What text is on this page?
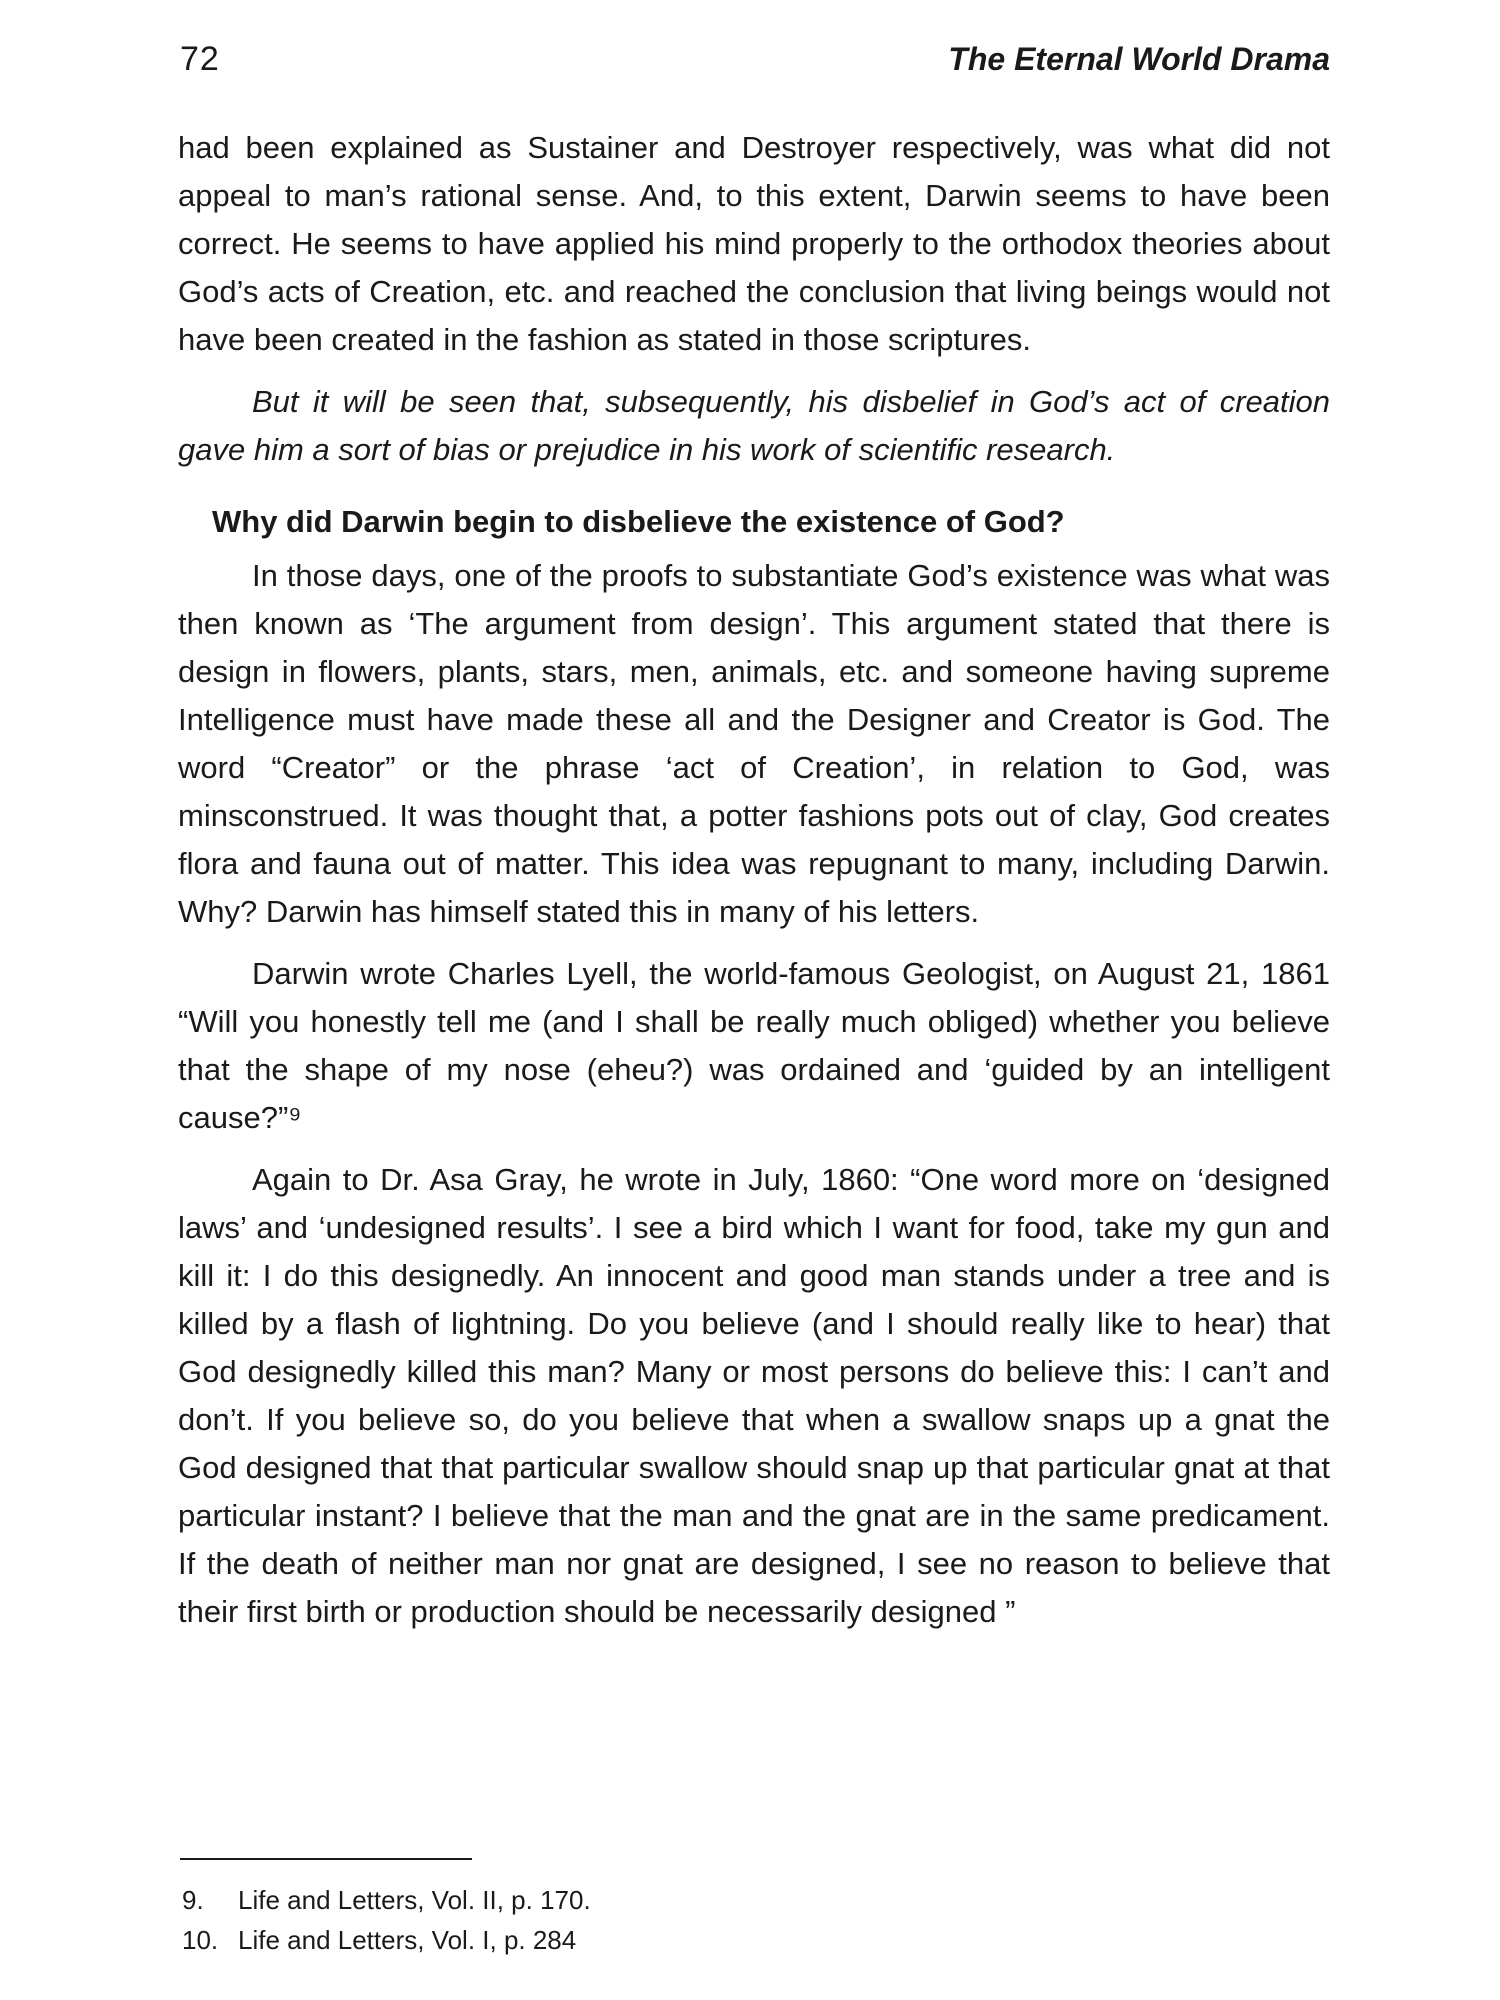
72	The Eternal World Drama

had been explained as Sustainer and Destroyer respectively, was what did not appeal to man’s rational sense. And, to this extent, Darwin seems to have been correct. He seems to have applied his mind properly to the orthodox theories about God’s acts of Creation, etc. and reached the conclusion that living beings would not have been created in the fashion as stated in those scriptures.

But it will be seen that, subsequently, his disbelief in God’s act of creation gave him a sort of bias or prejudice in his work of scientific research.

Why did Darwin begin to disbelieve the existence of God?

In those days, one of the proofs to substantiate God’s existence was what was then known as ‘The argument from design’. This argument stated that there is design in flowers, plants, stars, men, animals, etc. and someone having supreme Intelligence must have made these all and the Designer and Creator is God. The word “Creator” or the phrase ‘act of Creation’, in relation to God, was minsconstrued. It was thought that, a potter fashions pots out of clay, God creates flora and fauna out of matter. This idea was repugnant to many, including Darwin. Why? Darwin has himself stated this in many of his letters.

Darwin wrote Charles Lyell, the world-famous Geologist, on August 21, 1861 “Will you honestly tell me (and I shall be really much obliged) whether you believe that the shape of my nose (eheu?) was ordained and ‘guided by an intelligent cause?”⁹

Again to Dr. Asa Gray, he wrote in July, 1860: “One word more on ‘designed laws’ and ‘undesigned results’. I see a bird which I want for food, take my gun and kill it: I do this designedly. An innocent and good man stands under a tree and is killed by a flash of lightning. Do you believe (and I should really like to hear) that God designedly killed this man? Many or most persons do believe this: I can’t and don’t. If you believe so, do you believe that when a swallow snaps up a gnat the God designed that that particular swallow should snap up that particular gnat at that particular instant? I believe that the man and the gnat are in the same predicament. If the death of neither man nor gnat are designed, I see no reason to believe that their first birth or production should be necessarily designed ”

9.	Life and Letters, Vol. II, p. 170.
10. Life and Letters, Vol. I, p. 284
